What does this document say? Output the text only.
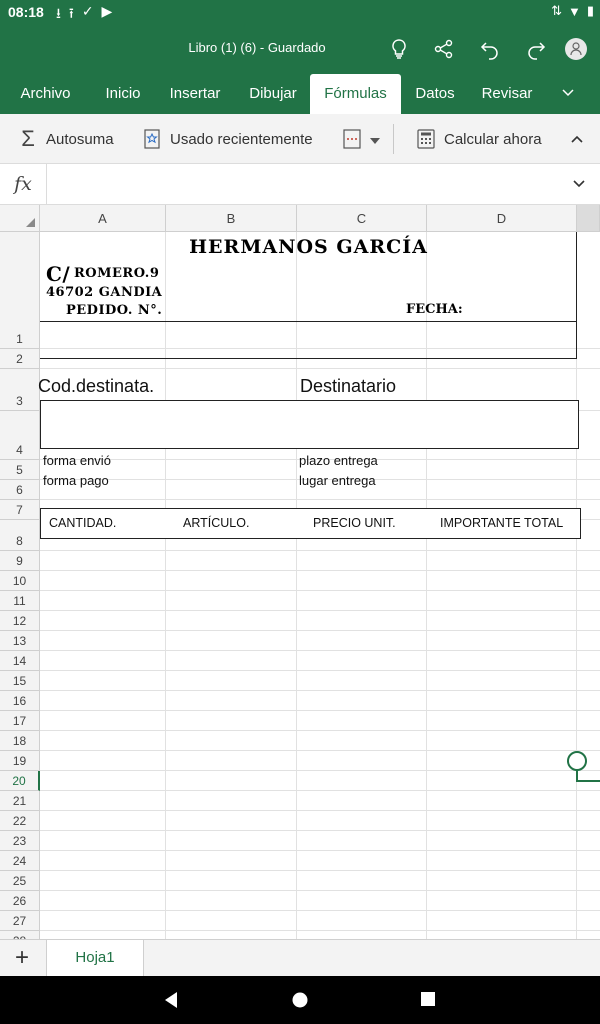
08:18 ⭳ ⭱ ✓ ▶	⇅ ▼ ▮
Libro (1) (6) - Guardado
Archivo	Inicio	Insertar	Dibujar	Fórmulas	Datos	Revisar
Σ Autosuma	Usado recientemente	Calcular ahora
fx
A	B	C	D
1
2
3
4
5
6
7
8
9
10
11
12
13
14
15
16
17
18
19
20
21
22
23
24
25
26
27
HERMANOS GARCÍA
C/ ROMERO.9
46702 GANDIA
PEDIDO. N°.	FECHA:
Cod.destinata.	Destinatario
forma envió	plazo entrega
forma pago	lugar entrega
CANTIDAD.	ARTÍCULO.	PRECIO UNIT.	IMPORTANTE TOTAL
+	Hoja1
